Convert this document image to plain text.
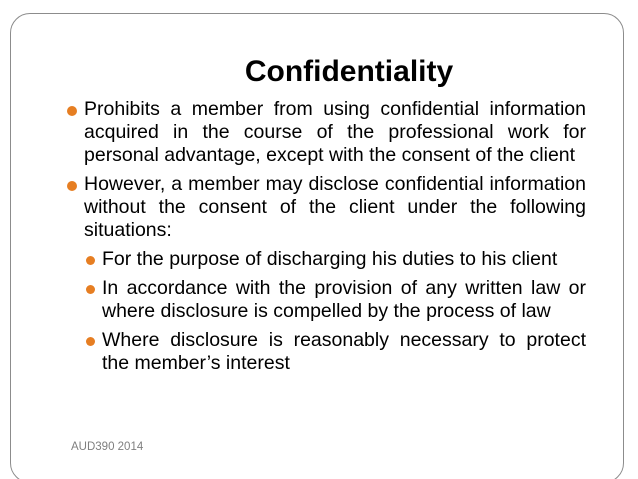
Confidentiality
Prohibits a member from using confidential information acquired in the course of the professional work for personal advantage, except with the consent of the client
However, a member may disclose confidential information without the consent of the client under the following situations:
For the purpose of discharging his duties to his client
In accordance with the provision of any written law or where disclosure is compelled by the process of law
Where disclosure is reasonably necessary to protect the member’s interest
AUD390 2014
